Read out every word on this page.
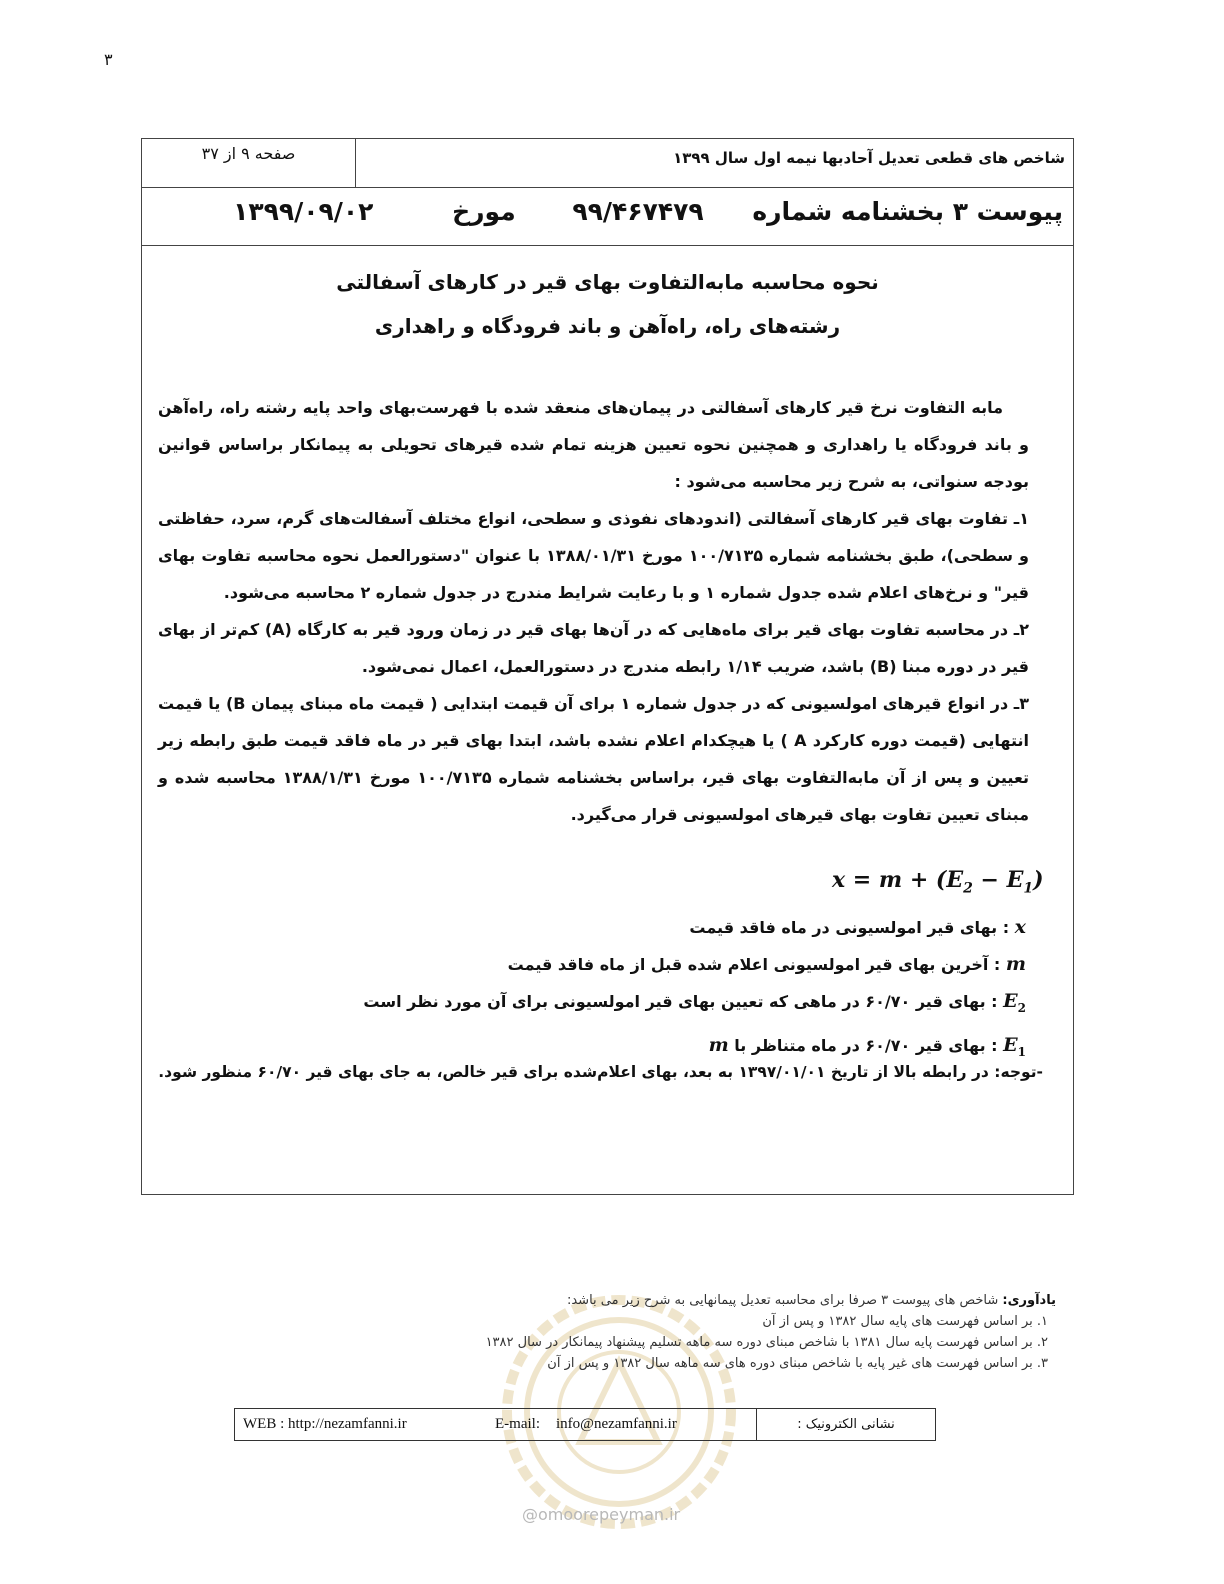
۳
صفحه ۹ از ۳۷	شاخص های قطعی تعدیل آحادبها نیمه اول سال ۱۳۹۹
پیوست ۳ بخشنامه شماره ۹۹/۴۶۷۴۷۹ مورخ ۱۳۹۹/۰۹/۰۲
نحوه محاسبه مابه‌التفاوت بهای قیر در کارهای آسفالتی
رشته‌های راه، راه‌آهن و باند فرودگاه و راهداری

مابه التفاوت نرخ قیر کارهای آسفالتی در پیمان‌های منعقد شده با فهرست‌بهای واحد پایه رشته راه، راه‌آهن و باند فرودگاه یا راهداری و همچنین نحوه تعیین هزینه تمام شده قیرهای تحویلی به پیمانکار براساس قوانین بودجه سنواتی، به شرح زیر محاسبه می‌شود :

۱ـ تفاوت بهای قیر کارهای آسفالتی (اندودهای نفوذی و سطحی، انواع مختلف آسفالت‌های گرم، سرد، حفاظتی و سطحی)، طبق بخشنامه شماره ۱۰۰/۷۱۳۵ مورخ ۱۳۸۸/۰۱/۳۱ با عنوان "دستورالعمل نحوه محاسبه تفاوت بهای قیر" و نرخ‌های اعلام شده جدول شماره ۱ و با رعایت شرایط مندرج در جدول شماره ۲ محاسبه می‌شود.

۲ـ در محاسبه تفاوت بهای قیر برای ماه‌هایی که در آن‌ها بهای قیر در زمان ورود قیر به کارگاه (A) کم‌تر از بهای قیر در دوره مبنا (B) باشد، ضریب ۱/۱۴ رابطه مندرج در دستورالعمل، اعمال نمی‌شود.

۳ـ در انواع قیرهای امولسیونی که در جدول شماره ۱ برای آن قیمت ابتدایی ( قیمت ماه مبنای پیمان B) یا قیمت انتهایی (قیمت دوره کارکرد A ) یا هیچکدام اعلام نشده باشد، ابتدا بهای قیر در ماه فاقد قیمت طبق رابطه زیر تعیین و پس از آن مابه‌التفاوت بهای قیر، براساس بخشنامه شماره ۱۰۰/۷۱۳۵ مورخ ۱۳۸۸/۱/۳۱ محاسبه شده و مبنای تعیین تفاوت بهای قیرهای امولسیونی قرار می‌گیرد.

$x = m + (E_2 - E_1)$
x : بهای قیر امولسیونی در ماه فاقد قیمت
m : آخرین بهای قیر امولسیونی اعلام شده قبل از ماه فاقد قیمت
$E_2$ : بهای قیر ۶۰/۷۰ در ماهی که تعیین بهای قیر امولسیونی برای آن مورد نظر است
$E_1$ : بهای قیر ۶۰/۷۰ در ماه متناظر با m
-توجه: در رابطه بالا از تاریخ ۱۳۹۷/۰۱/۰۱ به بعد، بهای اعلام‌شده برای قیر خالص، به جای بهای قیر ۶۰/۷۰ منظور شود.
یادآوری: شاخص های پیوست ۳ صرفا برای محاسبه تعدیل پیمانهایی به شرح زیر می باشد:
۱. بر اساس فهرست های پایه سال ۱۳۸۲ و پس از آن
۲. بر اساس فهرست پایه سال ۱۳۸۱ با شاخص مبنای دوره سه ماهه تسلیم پیشنهاد پیمانکار در سال ۱۳۸۲
۳. بر اساس فهرست های غیر پایه با شاخص مبنای دوره های سه ماهه سال ۱۳۸۲ و پس از آن
WEB : http://nezamfanni.ir	E-mail: info@nezamfanni.ir	نشانی الکترونیک :
@omoorepeyman.ir
